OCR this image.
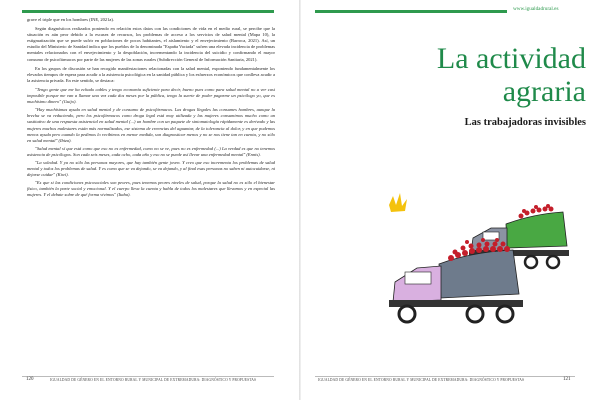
grave el triple que en los hombres (INE, 2021a).

Según diagnósticos realizados poniendo en relación estos datos con las condiciones de vida en el medio rural, se percibe que la situación es aún peor debido a la escasez de recursos, los problemas de acceso a los servicios de salud mental (Mapa 10), la estigmatización que se puede sufrir en poblaciones de pocos habitantes, el aislamiento y el envejecimiento (Barroca, 2021). Así, un estudio del Ministerio de Sanidad indica que los pueblos de la denominada "España Vaciada" sufren una elevada incidencia de problemas mentales relacionados con el envejecimiento y la despoblación, incrementando la incidencia del suicidio y confirmando el mayor consumo de psicofármacos por parte de las mujeres de las zonas rurales (Subdirección General de Información Sanitaria, 2021).

En los grupos de discusión se han recogido manifestaciones relacionadas con la salud mental, exponiendo fundamentalmente los elevados tiempos de espera para acudir a la asistencia psicológica en la sanidad pública y los esfuerzos económicos que conlleva acudir a la asistencia privada. En este sentido, se destaca:

"Tengo gente que me ha echado cables y tengo economía suficiente para decir, bueno pues como para salud mental no a ver casi imposible porque me van a llamar una vez cada dos meses por la pública, tengo la suerte de poder pagarme un psicólogo yo, que es muchísimo dinero" (Guijo).

"Hay muchísimas ayuda en salud mental y de consumo de psicofármacos. Las drogas llegales las consumes hombres, aunque la brecha se va reduciendo, pero los psicofármacos como droga legal está muy utilizada y las mujeres consumimos mucho como un sustitutivo de una respuesta asistencial en salud mental (...) un hombre con un paquete de sintomatología rápidamente es derivado y las mujeres muchos malestares están más normalizados, ese sistema de creencias del aguantar, de la tolerancia al dolor, y en que podemos menos ayuda pero cuando la pedimos lo recibimos en menor medida, son diagnosticar menos y no se nos tiene tan en cuenta, y no sólo en salud mental" (Ibiza).

"Salud mental sí que está como que eso no es enfermedad, como no se ve, pues no es enfermedad (...) La verdad es que no tenemos asistencia de psicólogos. Son cada seis meses, cada ocho, cada año y eso no se puede así llevar una enfermedad mental" (Ennis).

"La soledad. Y ya no sólo las personas mayores, que hay también gente joven. Y creo que eso incrementa los problemas de salud mental y todos los problemas de salud. Y es como que se va dejando, se va dejando, y al final esas personas no saben ni autocuidarse, ni dejarse cuidar" (Kiwi).

"Es que si las condiciones psicosociales son peores, pues tenemos peores niveles de salud, porque la salud no es sólo el bienestar físico, también la parte social y emocional. Y el cuerpo lleva la cuenta y habla de todos los malestares que llevamos y en especial las mujeres. Y el debate sobre de qué forma vivimos" (Itaba).

120	IGUALDAD DE GÉNERO EN EL ENTORNO RURAL Y MUNICIPAL DE EXTREMADURA: DIAGNÓSTICO Y PROPUESTAS
www.igualdadrural.es
La actividad
agraria
Las trabajadoras invisibles
IGUALDAD DE GÉNERO EN EL ENTORNO RURAL Y MUNICIPAL DE EXTREMADURA: DIAGNÓSTICO Y PROPUESTAS	121
